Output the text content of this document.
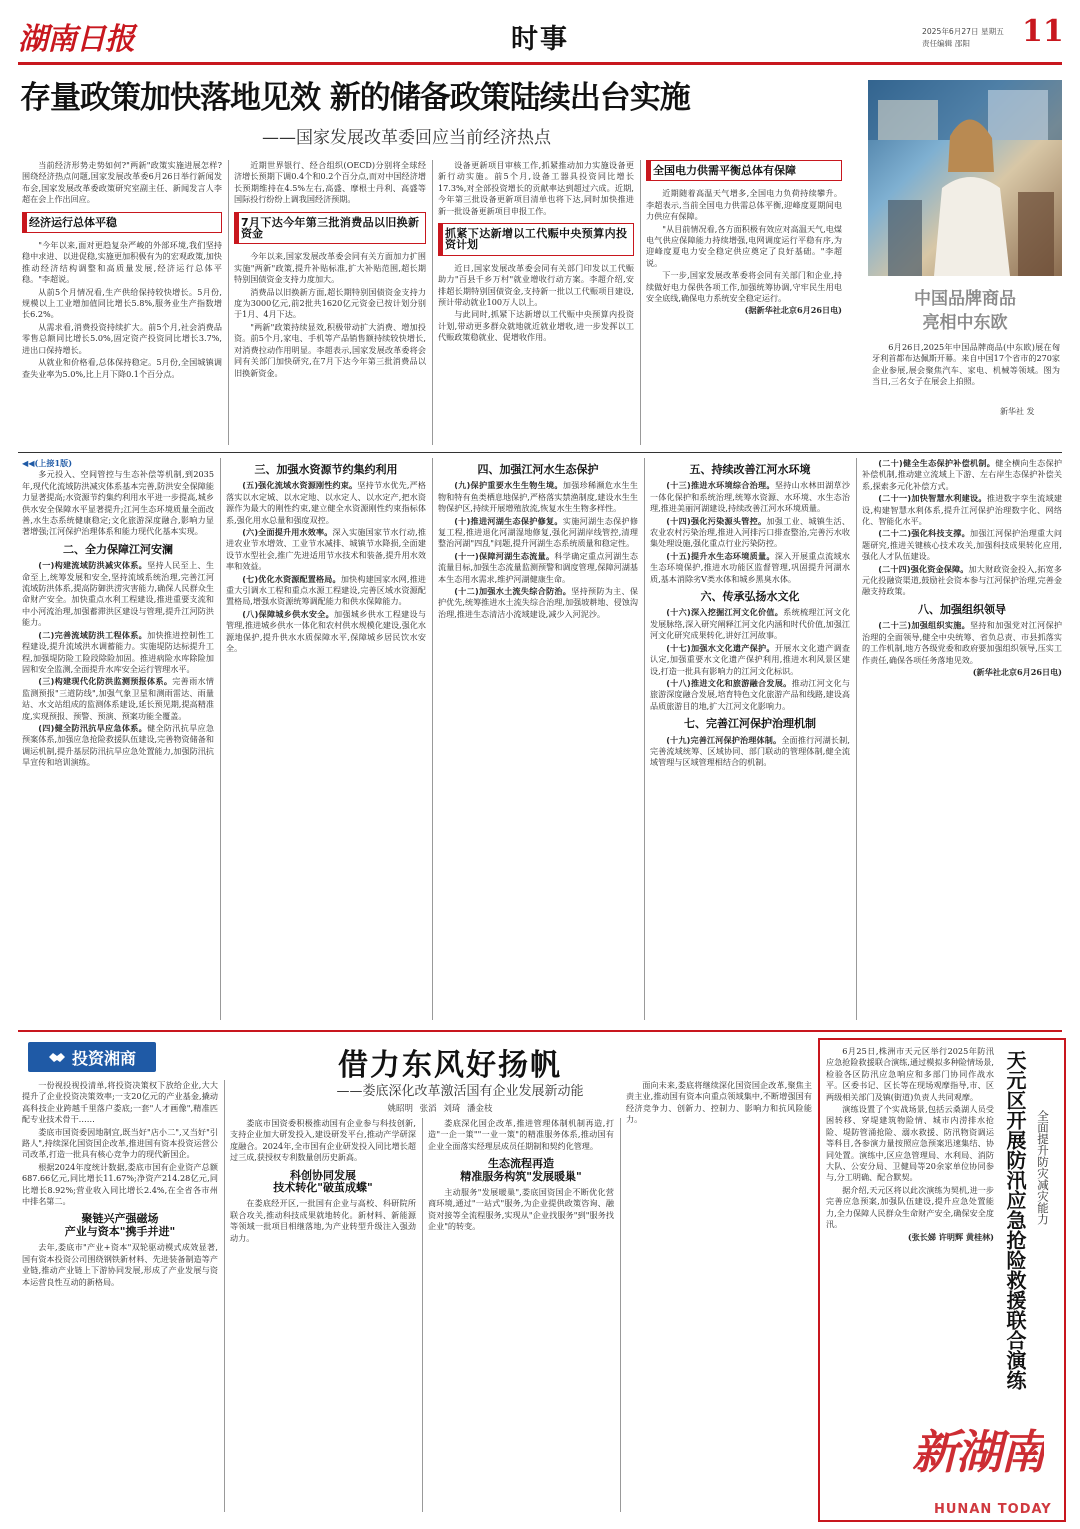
湖南日报	时事	2025年6月27日 星期五
责任编辑 邵阳 11
存量政策加快落地见效 新的储备政策陆续出台实施
——国家发展改革委回应当前经济热点

当前经济形势走势如何?"两新"政策实施进展怎样?围绕经济热点问题,国家发展改革委6月26日举行新闻发布会,国家发展改革委政策研究室副主任、新闻发言人李超在会上作出回应。

经济运行总体平稳

"今年以来,面对更趋复杂严峻的外部环境,我们坚持稳中求进、以进促稳,实施更加积极有为的宏观政策,加快推动经济结构调整和高质量发展,经济运行总体平稳。"李超说。

从前5个月情况看,生产供给保持较快增长。5月份,规模以上工业增加值同比增长5.8%,服务业生产指数增长6.2%。

从需求看,消费投资持续扩大。前5个月,社会消费品零售总额同比增长5.0%,固定资产投资同比增长3.7%,进出口保持增长。

从就业和价格看,总体保持稳定。5月份,全国城镇调查失业率为5.0%,比上月下降0.1个百分点。

近期世界银行、经合组织(OECD)分别将全球经济增长预期下调0.4个和0.2个百分点,而对中国经济增长预期维持在4.5%左右,高盛、摩根士丹利、高盛等国际投行纷纷上调我国经济预期。

7月下达今年第三批消费品以旧换新资金

今年以来,国家发展改革委会同有关方面加力扩围实施"两新"政策,提升补贴标准,扩大补贴范围,超长期特别国债资金支持力度加大。

消费品以旧换新方面,超长期特别国债资金支持力度为3000亿元,前2批共1620亿元资金已按计划分别于1月、4月下达。

"两新"政策持续显效,积极带动扩大消费、增加投资。前5个月,家电、手机等产品销售额持续较快增长,对消费拉动作用明显。李超表示,国家发展改革委将会同有关部门加快研究,在7月下达今年第三批消费品以旧换新资金。

设备更新项目审核工作,抓紧推动加力实施设备更新行动实施。前5个月,设备工器具投资同比增长17.3%,对全部投资增长的贡献率达到超过六成。近期,今年第三批设备更新项目清单也将下达,同时加快推进新一批设备更新项目申报工作。

抓紧下达新增以工代赈中央预算内投资计划

近日,国家发展改革委会同有关部门印发以工代赈助力"百县千乡万村"就业增收行动方案。李超介绍,安排超长期特别国债资金,支持新一批以工代赈项目建设,预计带动就业100万人以上。

与此同时,抓紧下达新增以工代赈中央预算内投资计划,带动更多群众就地就近就业增收,进一步发挥以工代赈政策稳就业、促增收作用。

全国电力供需平衡总体有保障

近期随着高温天气增多,全国电力负荷持续攀升。李超表示,当前全国电力供需总体平衡,迎峰度夏期间电力供应有保障。

"从目前情况看,各方面积极有效应对高温天气,电煤电气供应保障能力持续增强,电网调度运行平稳有序,为迎峰度夏电力安全稳定供应奠定了良好基础。"李超说。

下一步,国家发展改革委将会同有关部门和企业,持续做好电力保供各项工作,加强统筹协调,守牢民生用电安全底线,确保电力系统安全稳定运行。

(据新华社北京6月26日电)

中国品牌商品
亮相中东欧

6月26日,2025年中国品牌商品(中东欧)展在匈牙利首都布达佩斯开幕。来自中国17个省市的270家企业参展,展会聚焦汽车、家电、机械等领域。图为当日,三名女子在展会上拍照。

新华社 发
◀◀(上接1版)

多元投入、空间管控与生态补偿等机制,到2035年,现代化流域防洪减灾体系基本完善,防洪安全保障能力显著提高;水资源节约集约利用水平进一步提高,城乡供水安全保障水平显著提升;江河生态环境质量全面改善,水生态系统健康稳定;文化旅游深度融合,影响力显著增强;江河保护治理体系和能力现代化基本实现。

二、全力保障江河安澜

(一)构建流域防洪减灾体系。坚持人民至上、生命至上,统筹发展和安全,坚持流域系统治理,完善江河流域防洪体系,提高防御洪涝灾害能力,确保人民群众生命财产安全。加快重点水利工程建设,推进重要支流和中小河流治理,加强蓄滞洪区建设与管理,提升江河防洪能力。

(二)完善流域防洪工程体系。加快推进控制性工程建设,提升流域洪水调蓄能力。实施堤防达标提升工程,加强堤防险工险段除险加固。推进病险水库除险加固和安全监测,全面提升水库安全运行管理水平。

(三)构建现代化防洪监测预报体系。完善雨水情监测预报"三道防线",加强气象卫星和测雨雷达、雨量站、水文站组成的监测体系建设,延长预见期,提高精准度,实现预报、预警、预演、预案功能全覆盖。

(四)健全防汛抗旱应急体系。健全防汛抗旱应急预案体系,加强应急抢险救援队伍建设,完善物资储备和调运机制,提升基层防汛抗旱应急处置能力,加强防汛抗旱宣传和培训演练。

三、加强水资源节约集约利用

(五)强化流域水资源刚性约束。坚持节水优先,严格落实以水定城、以水定地、以水定人、以水定产,把水资源作为最大的刚性约束,建立健全水资源刚性约束指标体系,强化用水总量和强度双控。

(六)全面提升用水效率。深入实施国家节水行动,推进农业节水增效、工业节水减排、城镇节水降损,全面建设节水型社会,推广先进适用节水技术和装备,提升用水效率和效益。

(七)优化水资源配置格局。加快构建国家水网,推进重大引调水工程和重点水源工程建设,完善区域水资源配置格局,增强水资源统筹调配能力和供水保障能力。

(八)保障城乡供水安全。加强城乡供水工程建设与管理,推进城乡供水一体化和农村供水规模化建设,强化水源地保护,提升供水水质保障水平,保障城乡居民饮水安全。

四、加强江河水生态保护

(九)保护重要水生生物生境。加强珍稀濒危水生生物和特有鱼类栖息地保护,严格落实禁渔制度,建设水生生物保护区,持续开展增殖放流,恢复水生生物多样性。

(十)推进河湖生态保护修复。实施河湖生态保护修复工程,推进退化河湖湿地修复,强化河湖岸线管控,清理整治河湖"四乱"问题,提升河湖生态系统质量和稳定性。

(十一)保障河湖生态流量。科学确定重点河湖生态流量目标,加强生态流量监测预警和调度管理,保障河湖基本生态用水需求,维护河湖健康生命。

(十二)加强水土流失综合防治。坚持预防为主、保护优先,统筹推进水土流失综合治理,加强坡耕地、侵蚀沟治理,推进生态清洁小流域建设,减少入河泥沙。

五、持续改善江河水环境

(十三)推进水环境综合治理。坚持山水林田湖草沙一体化保护和系统治理,统筹水资源、水环境、水生态治理,推进美丽河湖建设,持续改善江河水环境质量。

(十四)强化污染源头管控。加强工业、城镇生活、农业农村污染治理,推进入河排污口排查整治,完善污水收集处理设施,强化重点行业污染防控。

(十五)提升水生态环境质量。深入开展重点流域水生态环境保护,推进水功能区监督管理,巩固提升河湖水质,基本消除劣V类水体和城乡黑臭水体。

六、传承弘扬水文化

(十六)深入挖掘江河文化价值。系统梳理江河文化发展脉络,深入研究阐释江河文化内涵和时代价值,加强江河文化研究成果转化,讲好江河故事。

(十七)加强水文化遗产保护。开展水文化遗产调查认定,加强重要水文化遗产保护利用,推进水利风景区建设,打造一批具有影响力的江河文化标识。

(十八)推进文化和旅游融合发展。推动江河文化与旅游深度融合发展,培育特色文化旅游产品和线路,建设高品质旅游目的地,扩大江河文化影响力。

七、完善江河保护治理机制

(十九)完善江河保护治理体制。全面推行河湖长制,完善流域统筹、区域协同、部门联动的管理体制,健全流域管理与区域管理相结合的机制。

(二十)健全生态保护补偿机制。健全横向生态保护补偿机制,推动建立流域上下游、左右岸生态保护补偿关系,探索多元化补偿方式。

(二十一)加快智慧水利建设。推进数字孪生流域建设,构建智慧水利体系,提升江河保护治理数字化、网络化、智能化水平。

(二十二)强化科技支撑。加强江河保护治理重大问题研究,推进关键核心技术攻关,加强科技成果转化应用,强化人才队伍建设。

(二十四)强化资金保障。加大财政资金投入,拓宽多元化投融资渠道,鼓励社会资本参与江河保护治理,完善金融支持政策。

八、加强组织领导

(二十三)加强组织实施。坚持和加强党对江河保护治理的全面领导,健全中央统筹、省负总责、市县抓落实的工作机制,地方各级党委和政府要加强组织领导,压实工作责任,确保各项任务落地见效。

(新华社北京6月26日电)

投资湘商	借力东风好扬帆
——娄底深化改革激活国有企业发展新动能
姚昭明 张滔 刘琦 潘金枝

一份视投视投清单,将投资决策权下放给企业,大大提升了企业投资决策效率;一支20亿元的产业基金,撬动高科技企业跨越千里落户娄底;一套"人才画像",精准匹配专业技术骨干……

娄底市国资委因地制宜,既当好"店小二",又当好"引路人",持续深化国资国企改革,推进国有资本投资运营公司改革,打造一批具有核心竞争力的现代新国企。

根据2024年度统计数据,娄底市国有企业资产总额687.66亿元,同比增长11.67%;净资产214.28亿元,同比增长8.92%;营业收入同比增长2.4%,在全省各市州中排名第二。

聚链兴产强磁场
产业与资本"携手并进"

去年,娄底市"产业+资本"双轮驱动模式成效显著,国有资本投资公司围绕钢铁新材料、先进装备制造等产业链,推动产业链上下游协同发展,形成了产业发展与资本运营良性互动的新格局。

娄底市国资委积极推动国有企业参与科技创新,支持企业加大研发投入,建设研发平台,推动产学研深度融合。2024年,全市国有企业研发投入同比增长超过三成,获授权专利数量创历史新高。

科创协同发展
技术转化"破茧成蝶"

在娄底经开区,一批国有企业与高校、科研院所联合攻关,推动科技成果就地转化。新材料、新能源等领域一批项目相继落地,为产业转型升级注入强劲动力。

娄底深化国企改革,推进管理体制机制再造,打造"一企一策""一业一策"的精准服务体系,推动国有企业全面落实经理层成员任期制和契约化管理。

生态流程再造
精准服务构筑"发展暖巢"

主动服务"发展暖巢",娄底国资国企不断优化营商环境,通过"一站式"服务,为企业提供政策咨询、融资对接等全流程服务,实现从"企业找服务"到"服务找企业"的转变。

面向未来,娄底将继续深化国资国企改革,聚焦主责主业,推动国有资本向重点领域集中,不断增强国有经济竞争力、创新力、控制力、影响力和抗风险能力。

6月25日,株洲市天元区举行2025年防汛应急抢险救援联合演练,通过模拟多种险情场景,检验各区防汛应急响应和多部门协同作战水平。区委书记、区长等在现场观摩指导,市、区两级相关部门及镇(街道)负责人共同观摩。

演练设置了个实战场景,包括云桑湖人员受困转移、穿堤建筑物险情、城市内涝排水抢险、堤防管涌抢险、溺水救援、防汛物资调运等科目,各参演力量按照应急预案迅速集结、协同处置。演练中,区应急管理局、水利局、消防大队、公安分局、卫健局等20余家单位协同参与,分工明确、配合默契。

据介绍,天元区将以此次演练为契机,进一步完善应急预案,加强队伍建设,提升应急处置能力,全力保障人民群众生命财产安全,确保安全度汛。

(张长娣 许明辉 黄桂林) 天元区开展防汛应急抢险救援联合演练 全面提升防灾减灾能力
新湖南
HUNAN TODAY
